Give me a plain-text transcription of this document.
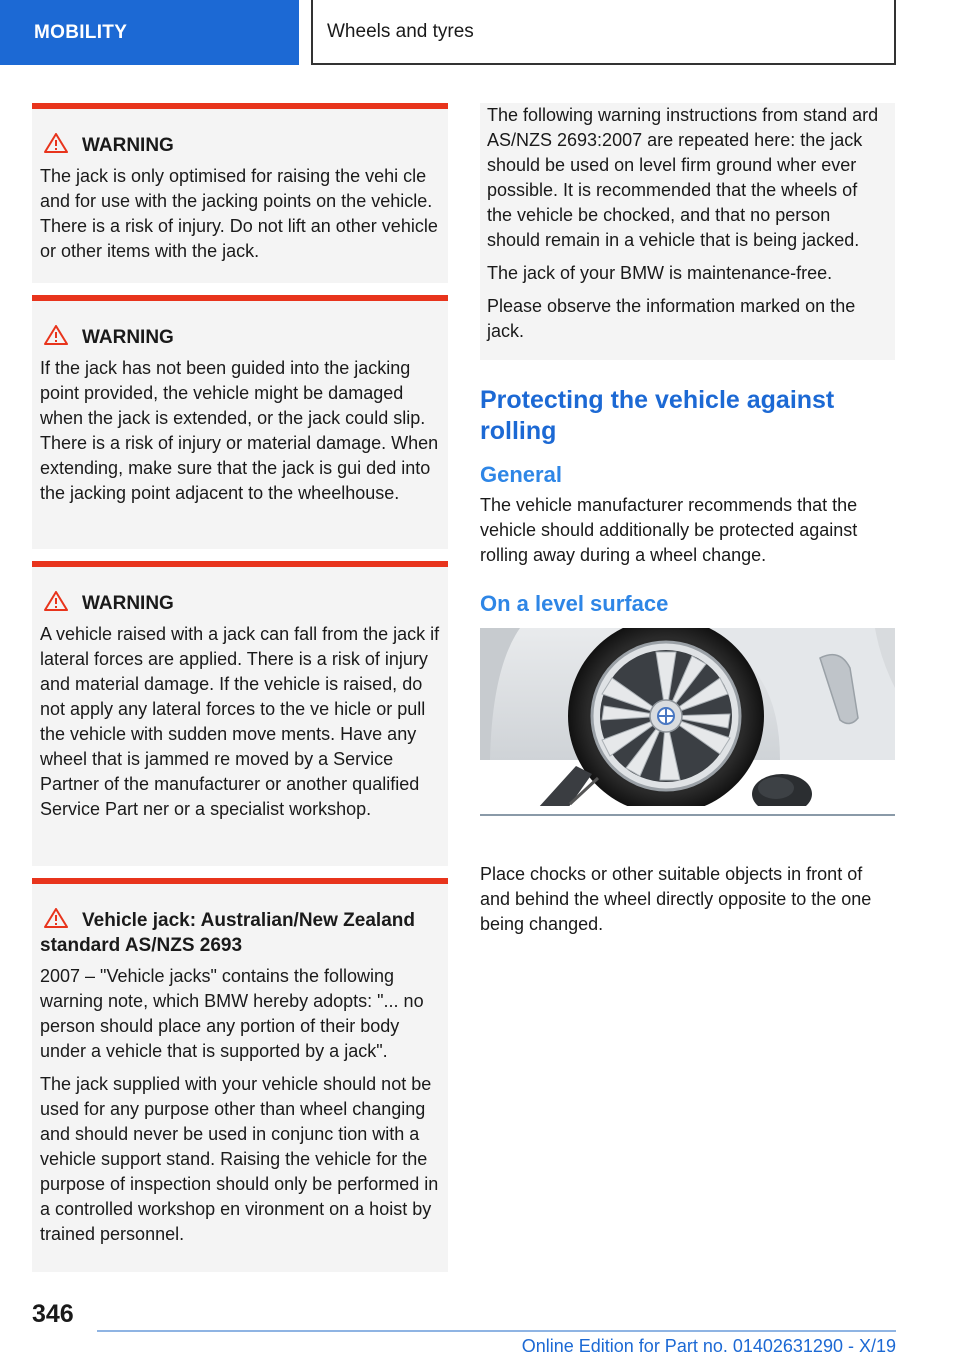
MOBILITY	Wheels and tyres
WARNING

The jack is only optimised for raising the vehi cle and for use with the jacking points on the vehicle. There is a risk of injury. Do not lift an other vehicle or other items with the jack.

WARNING

If the jack has not been guided into the jacking point provided, the vehicle might be damaged when the jack is extended, or the jack could slip. There is a risk of injury or material damage. When extending, make sure that the jack is gui ded into the jacking point adjacent to the wheelhouse.

WARNING

A vehicle raised with a jack can fall from the jack if lateral forces are applied. There is a risk of injury and material damage. If the vehicle is raised, do not apply any lateral forces to the ve hicle or pull the vehicle with sudden move ments. Have any wheel that is jammed re moved by a Service Partner of the manufacturer or another qualified Service Part ner or a specialist workshop.

Vehicle jack: Australian/New Zealand standard AS/NZS 2693

2007 – "Vehicle jacks" contains the following warning note, which BMW hereby adopts: "... no person should place any portion of their body under a vehicle that is supported by a jack".

The jack supplied with your vehicle should not be used for any purpose other than wheel changing and should never be used in conjunc tion with a vehicle support stand. Raising the vehicle for the purpose of inspection should only be performed in a controlled workshop en vironment on a hoist by trained personnel.

The following warning instructions from stand ard AS/NZS 2693:2007 are repeated here: the jack should be used on level firm ground wher ever possible. It is recommended that the wheels of the vehicle be chocked, and that no person should remain in a vehicle that is being jacked.

The jack of your BMW is maintenance-free.

Please observe the information marked on the jack.

Protecting the vehicle against rolling
General

The vehicle manufacturer recommends that the vehicle should additionally be protected against rolling away during a wheel change.

On a level surface

Place chocks or other suitable objects in front of and behind the wheel directly opposite to the one being changed.

346
Online Edition for Part no. 01402631290 - X/19
